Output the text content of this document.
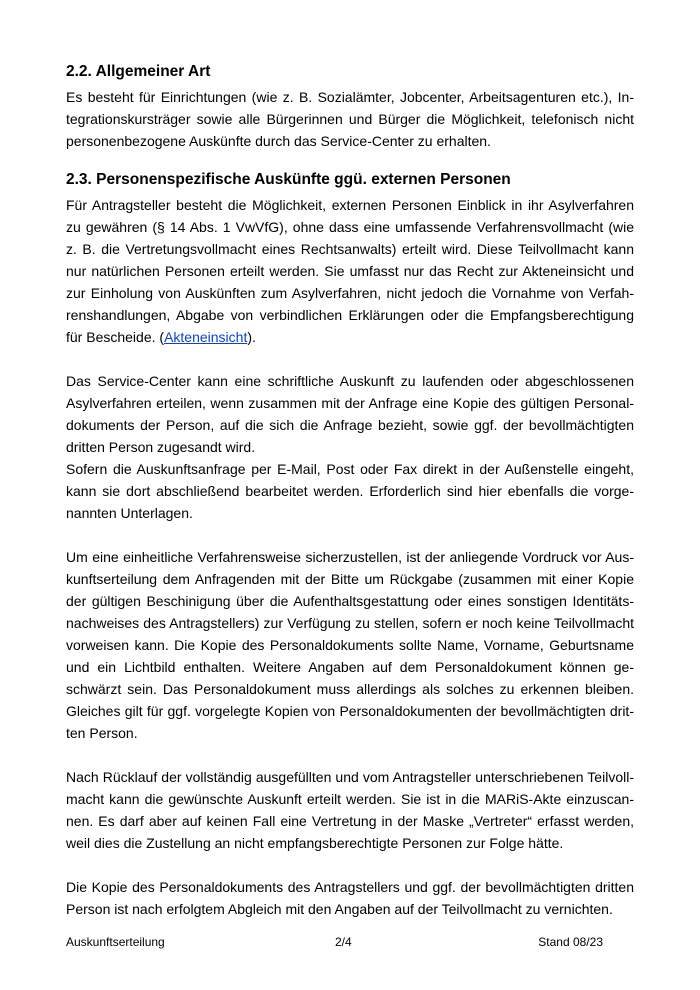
2.2. Allgemeiner Art

Es besteht für Einrichtungen (wie z. B. Sozialämter, Jobcenter, Arbeitsagenturen etc.), Integrationskursträger sowie alle Bürgerinnen und Bürger die Möglichkeit, telefonisch nicht personenbezogene Auskünfte durch das Service-Center zu erhalten.

2.3. Personenspezifische Auskünfte ggü. externen Personen

Für Antragsteller besteht die Möglichkeit, externen Personen Einblick in ihr Asylverfahren zu gewähren (§ 14 Abs. 1 VwVfG), ohne dass eine umfassende Verfahrensvollmacht (wie z. B. die Vertretungsvollmacht eines Rechtsanwalts) erteilt wird. Diese Teilvollmacht kann nur natürlichen Personen erteilt werden. Sie umfasst nur das Recht zur Akteneinsicht und zur Einholung von Auskünften zum Asylverfahren, nicht jedoch die Vornahme von Verfahrenshandlungen, Abgabe von verbindlichen Erklärungen oder die Empfangsberechtigung für Bescheide. (Akteneinsicht).

Das Service-Center kann eine schriftliche Auskunft zu laufenden oder abgeschlossenen Asylverfahren erteilen, wenn zusammen mit der Anfrage eine Kopie des gültigen Personaldokuments der Person, auf die sich die Anfrage bezieht, sowie ggf. der bevollmächtigten dritten Person zugesandt wird.

Sofern die Auskunftsanfrage per E-Mail, Post oder Fax direkt in der Außenstelle eingeht, kann sie dort abschließend bearbeitet werden. Erforderlich sind hier ebenfalls die vorgenannten Unterlagen.

Um eine einheitliche Verfahrensweise sicherzustellen, ist der anliegende Vordruck vor Auskunftserteilung dem Anfragenden mit der Bitte um Rückgabe (zusammen mit einer Kopie der gültigen Beschinigung über die Aufenthaltsgestattung oder eines sonstigen Identitätsnachweises des Antragstellers) zur Verfügung zu stellen, sofern er noch keine Teilvollmacht vorweisen kann. Die Kopie des Personaldokuments sollte Name, Vorname, Geburtsname und ein Lichtbild enthalten. Weitere Angaben auf dem Personaldokument können geschwärzt sein. Das Personaldokument muss allerdings als solches zu erkennen bleiben. Gleiches gilt für ggf. vorgelegte Kopien von Personaldokumenten der bevollmächtigten dritten Person.

Nach Rücklauf der vollständig ausgefüllten und vom Antragsteller unterschriebenen Teilvollmacht kann die gewünschte Auskunft erteilt werden. Sie ist in die MARiS-Akte einzuscannen. Es darf aber auf keinen Fall eine Vertretung in der Maske „Vertreter“ erfasst werden, weil dies die Zustellung an nicht empfangsberechtigte Personen zur Folge hätte.

Die Kopie des Personaldokuments des Antragstellers und ggf. der bevollmächtigten dritten Person ist nach erfolgtem Abgleich mit den Angaben auf der Teilvollmacht zu vernichten.

Auskunftserteilung	2/4	Stand 08/23
